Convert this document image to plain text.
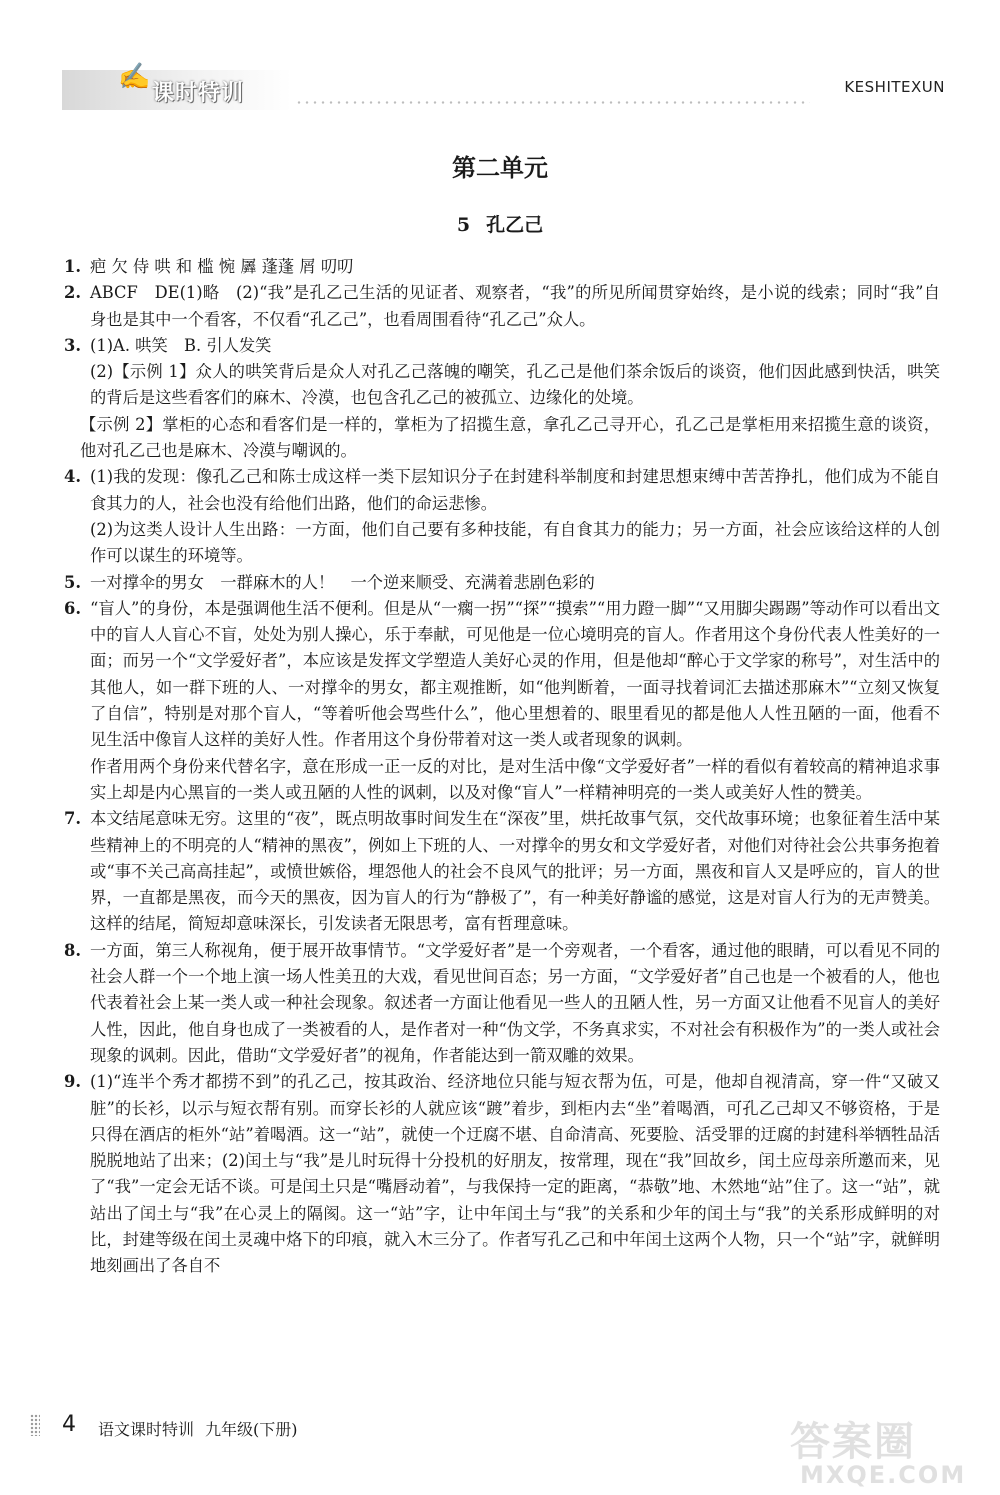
✍
课时特训	KESHITEXUN
第二单元
5 孔乙己
1. 疤 欠 侍 哄 和 槛 惋 羼 蓬蓬 屑 叨叨

2. ABCF　DE(1)略　(2)“我”是孔乙己生活的见证者、观察者，“我”的所见所闻贯穿始终，是小说的线索；同时“我”自身也是其中一个看客，不仅看“孔乙己”，也看周围看待“孔乙己”众人。

3. (1)A. 哄笑　B. 引人发笑

(2)【示例 1】众人的哄笑背后是众人对孔乙己落魄的嘲笑，孔乙己是他们茶余饭后的谈资，他们因此感到快活，哄笑的背后是这些看客们的麻木、冷漠，也包含孔乙己的被孤立、边缘化的处境。

【示例 2】掌柜的心态和看客们是一样的，掌柜为了招揽生意，拿孔乙己寻开心，孔乙己是掌柜用来招揽生意的谈资，他对孔乙己也是麻木、冷漠与嘲讽的。

4. (1)我的发现：像孔乙己和陈士成这样一类下层知识分子在封建科举制度和封建思想束缚中苦苦挣扎，他们成为不能自食其力的人，社会也没有给他们出路，他们的命运悲惨。

(2)为这类人设计人生出路：一方面，他们自己要有多种技能，有自食其力的能力；另一方面，社会应该给这样的人创作可以谋生的环境等。

5. 一对撑伞的男女　一群麻木的人！　一个逆来顺受、充满着悲剧色彩的

6. “盲人”的身份，本是强调他生活不便利。但是从“一瘸一拐”“探”“摸索”“用力蹬一脚”“又用脚尖踢踢”等动作可以看出文中的盲人人盲心不盲，处处为别人操心，乐于奉献，可见他是一位心境明亮的盲人。作者用这个身份代表人性美好的一面；而另一个“文学爱好者”，本应该是发挥文学塑造人美好心灵的作用，但是他却“醉心于文学家的称号”，对生活中的其他人，如一群下班的人、一对撑伞的男女，都主观推断，如“他判断着，一面寻找着词汇去描述那麻木”“立刻又恢复了自信”，特别是对那个盲人，“等着听他会骂些什么”，他心里想着的、眼里看见的都是他人人性丑陋的一面，他看不见生活中像盲人这样的美好人性。作者用这个身份带着对这一类人或者现象的讽刺。

作者用两个身份来代替名字，意在形成一正一反的对比，是对生活中像“文学爱好者”一样的看似有着较高的精神追求事实上却是内心黑盲的一类人或丑陋的人性的讽刺，以及对像“盲人”一样精神明亮的一类人或美好人性的赞美。

7. 本文结尾意味无穷。这里的“夜”，既点明故事时间发生在“深夜”里，烘托故事气氛，交代故事环境；也象征着生活中某些精神上的不明亮的人“精神的黑夜”，例如上下班的人、一对撑伞的男女和文学爱好者，对他们对待社会公共事务抱着或“事不关己高高挂起”，或愤世嫉俗，埋怨他人的社会不良风气的批评；另一方面，黑夜和盲人又是呼应的，盲人的世界，一直都是黑夜，而今天的黑夜，因为盲人的行为“静极了”，有一种美好静谧的感觉，这是对盲人行为的无声赞美。这样的结尾，简短却意味深长，引发读者无限思考，富有哲理意味。

8. 一方面，第三人称视角，便于展开故事情节。“文学爱好者”是一个旁观者，一个看客，通过他的眼睛，可以看见不同的社会人群一个一个地上演一场人性美丑的大戏，看见世间百态；另一方面，“文学爱好者”自己也是一个被看的人，他也代表着社会上某一类人或一种社会现象。叙述者一方面让他看见一些人的丑陋人性，另一方面又让他看不见盲人的美好人性，因此，他自身也成了一类被看的人，是作者对一种“伪文学，不务真求实，不对社会有积极作为”的一类人或社会现象的讽刺。因此，借助“文学爱好者”的视角，作者能达到一箭双雕的效果。

9. (1)“连半个秀才都捞不到”的孔乙己，按其政治、经济地位只能与短衣帮为伍，可是，他却自视清高，穿一件“又破又脏”的长衫，以示与短衣帮有别。而穿长衫的人就应该“踱”着步，到柜内去“坐”着喝酒，可孔乙己却又不够资格，于是只得在酒店的柜外“站”着喝酒。这一“站”，就使一个迂腐不堪、自命清高、死要脸、活受罪的迂腐的封建科举牺牲品活脱脱地站了出来；(2)闰土与“我”是儿时玩得十分投机的好朋友，按常理，现在“我”回故乡，闰土应母亲所邀而来，见了“我”一定会无话不谈。可是闰土只是“嘴唇动着”，与我保持一定的距离，“恭敬”地、木然地“站”住了。这一“站”，就站出了闰土与“我”在心灵上的隔阂。这一“站”字，让中年闰土与“我”的关系和少年的闰土与“我”的关系形成鲜明的对比，封建等级在闰土灵魂中烙下的印痕，就入木三分了。作者写孔乙己和中年闰土这两个人物，只一个“站”字，就鲜明地刻画出了各自不

4 语文课时特训 九年级(下册)	答案圈
MXQE.COM
